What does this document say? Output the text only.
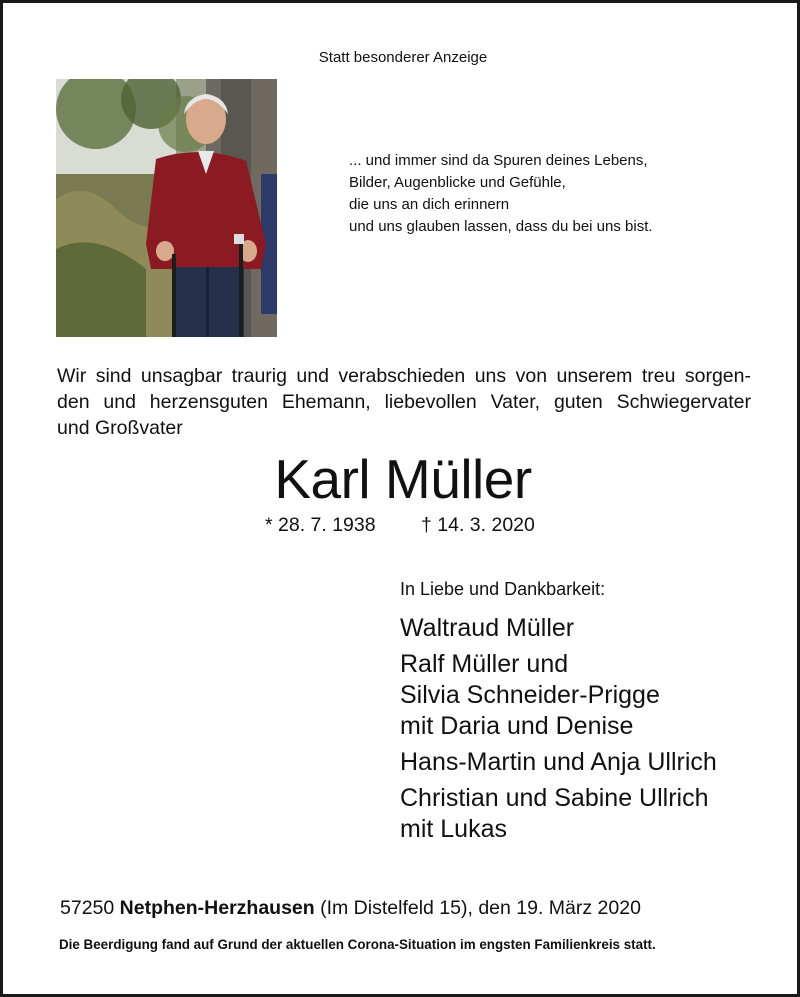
Statt besonderer Anzeige
... und immer sind da Spuren deines Lebens,
Bilder, Augenblicke und Gefühle,
die uns an dich erinnern
und uns glauben lassen, dass du bei uns bist.
Wir sind unsagbar traurig und verabschieden uns von unserem treu sorgen-
den und herzensguten Ehemann, liebevollen Vater, guten Schwiegervater
und Großvater
Karl Müller
* 28. 7. 1938 † 14. 3. 2020
In Liebe und Dankbarkeit:
Waltraud Müller
Ralf Müller und
Silvia Schneider-Prigge
mit Daria und Denise
Hans-Martin und Anja Ullrich
Christian und Sabine Ullrich
mit Lukas
57250 Netphen-Herzhausen (Im Distelfeld 15), den 19. März 2020
Die Beerdigung fand auf Grund der aktuellen Corona-Situation im engsten Familienkreis statt.
